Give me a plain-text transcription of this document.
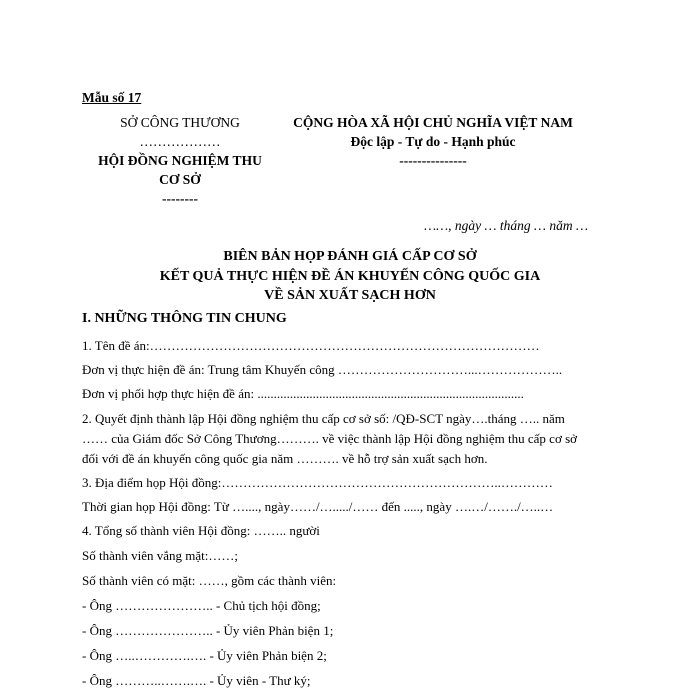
Mẫu số 17
SỞ CÔNG THƯƠNG
………………
HỘI ĐỒNG NGHIỆM THU
CƠ SỞ
--------
CỘNG HÒA XÃ HỘI CHỦ NGHĨA VIỆT NAM
Độc lập - Tự do - Hạnh phúc
---------------
……, ngày … tháng … năm …
BIÊN BẢN HỌP ĐÁNH GIÁ CẤP CƠ SỞ
KẾT QUẢ THỰC HIỆN ĐỀ ÁN KHUYẾN CÔNG QUỐC GIA
VỀ SẢN XUẤT SẠCH HƠN
I. NHỮNG THÔNG TIN CHUNG
1. Tên đề án:………………………………………………………………………………
Đơn vị thực hiện đề án: Trung tâm Khuyến công …………………………...………………..
Đơn vị phối hợp thực hiện đề án: ..................................................................................
2. Quyết định thành lập Hội đồng nghiệm thu cấp cơ sở số: /QĐ-SCT ngày….tháng ….. năm
…… của Giám đốc Sở Công Thương………. về việc thành lập Hội đồng nghiệm thu cấp cơ sở
đối với đề án khuyến công quốc gia năm ………. về hỗ trợ sản xuất sạch hơn.
3. Địa điểm họp Hội đồng:………………………………………………………..…………
Thời gian họp Hội đồng: Từ …...., ngày……/…...../…… đến ....., ngày ….…/……./…..…
4. Tổng số thành viên Hội đồng: …….. người
Số thành viên vắng mặt:……;
Số thành viên có mặt: ……, gồm các thành viên:
- Ông ………………….. - Chủ tịch hội đồng;
- Ông ………………….. - Ủy viên Phản biện 1;
- Ông …..………….…. - Ủy viên Phản biện 2;
- Ông ………..…….…. - Ủy viên - Thư ký;
